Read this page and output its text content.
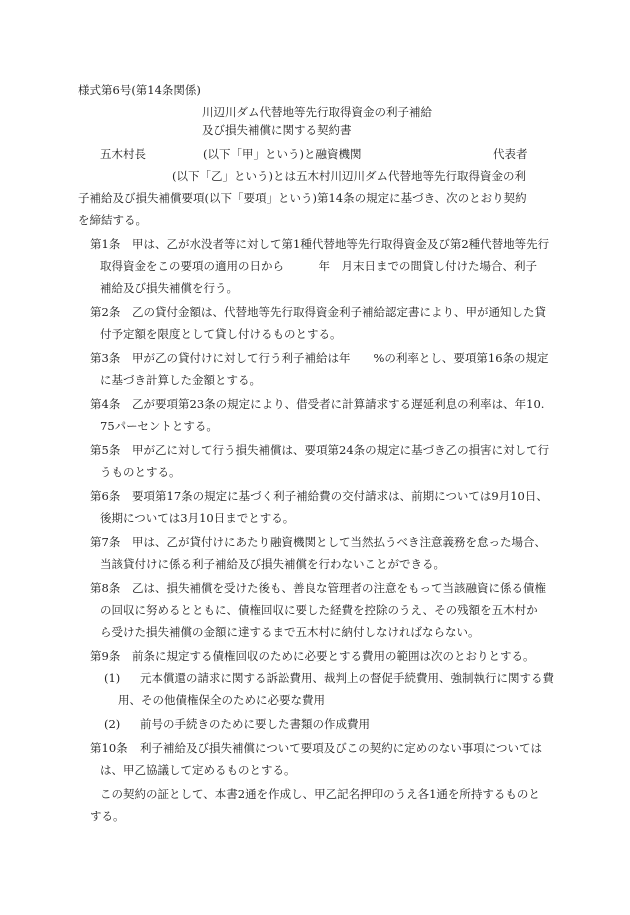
様式第6号(第14条関係)
川辺川ダム代替地等先行取得資金の利子補給
及び損失補償に関する契約書
五木村長	(以下「甲」という)と融資機関	代表者
(以下「乙」という)とは五木村川辺川ダム代替地等先行取得資金の利
子補給及び損失補償要項(以下「要項」という)第14条の規定に基づき、次のとおり契約
を締結する。
第1条 甲は、乙が水没者等に対して第1種代替地等先行取得資金及び第2種代替地等先行
取得資金をこの要項の適用の日から　　　年　月末日までの間貸し付けた場合、利子
補給及び損失補償を行う。
第2条 乙の貸付金額は、代替地等先行取得資金利子補給認定書により、甲が通知した貸
付予定額を限度として貸し付けるものとする。
第3条 甲が乙の貸付けに対して行う利子補給は年　　%の利率とし、要項第16条の規定
に基づき計算した金額とする。
第4条 乙が要項第23条の規定により、借受者に計算請求する遅延利息の利率は、年10.
75パーセントとする。
第5条 甲が乙に対して行う損失補償は、要項第24条の規定に基づき乙の損害に対して行
うものとする。
第6条 要項第17条の規定に基づく利子補給費の交付請求は、前期については9月10日、
後期については3月10日までとする。
第7条 甲は、乙が貸付けにあたり融資機関として当然払うべき注意義務を怠った場合、
当該貸付けに係る利子補給及び損失補償を行わないことができる。
第8条 乙は、損失補償を受けた後も、善良な管理者の注意をもって当該融資に係る債権
の回収に努めるとともに、債権回収に要した経費を控除のうえ、その残額を五木村か
ら受けた損失補償の金額に達するまで五木村に納付しなければならない。
第9条 前条に規定する債権回収のために必要とする費用の範囲は次のとおりとする。
(1) 元本償還の請求に関する訴訟費用、裁判上の督促手続費用、強制執行に関する費
用、その他債権保全のために必要な費用
(2) 前号の手続きのために要した書類の作成費用
第10条 利子補給及び損失補償について要項及びこの契約に定めのない事項については
は、甲乙協議して定めるものとする。
この契約の証として、本書2通を作成し、甲乙記名押印のうえ各1通を所持するものと
する。
